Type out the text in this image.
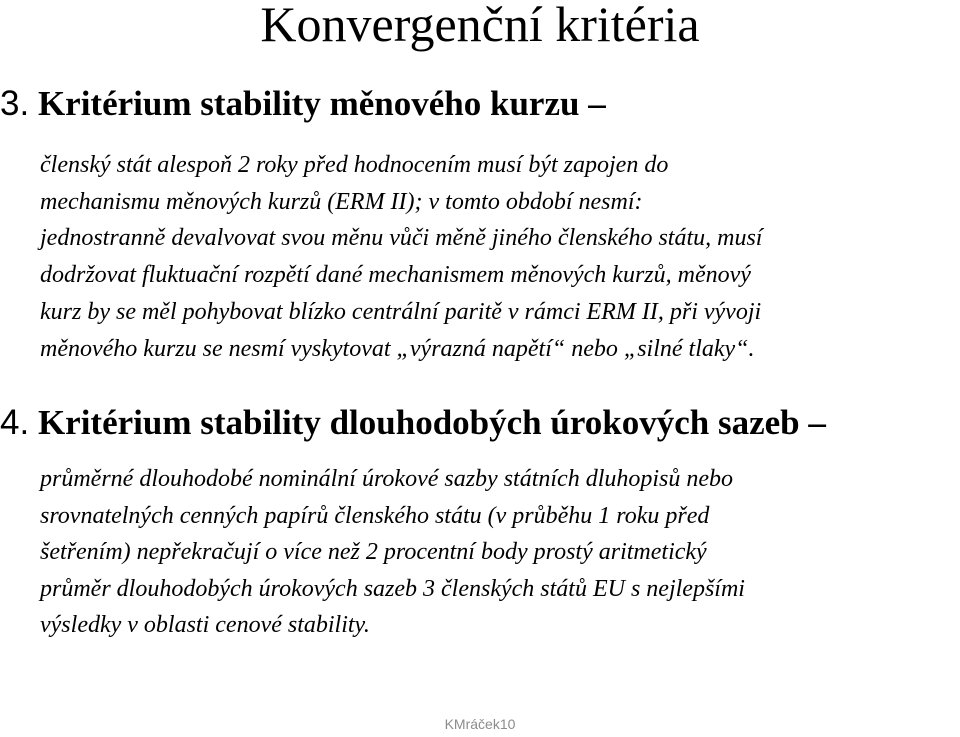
Konvergenční kritéria
3. Kritérium stability měnového kurzu –

členský stát alespoň 2 roky před hodnocením musí být zapojen do
mechanismu měnových kurzů (ERM II); v tomto období nesmí:
jednostranně devalvovat svou měnu vůči měně jiného členského státu, musí
dodržovat fluktuační rozpětí dané mechanismem měnových kurzů, měnový
kurz by se měl pohybovat blízko centrální paritě v rámci ERM II, při vývoji
měnového kurzu se nesmí vyskytovat „výrazná napětí“ nebo „silné tlaky“.

4. Kritérium stability dlouhodobých úrokových sazeb –

průměrné dlouhodobé nominální úrokové sazby státních dluhopisů nebo
srovnatelných cenných papírů členského státu (v průběhu 1 roku před
šetřením) nepřekračují o více než 2 procentní body prostý aritmetický
průměr dlouhodobých úrokových sazeb 3 členských států EU s nejlepšími
výsledky v oblasti cenové stability.

KMráček10
